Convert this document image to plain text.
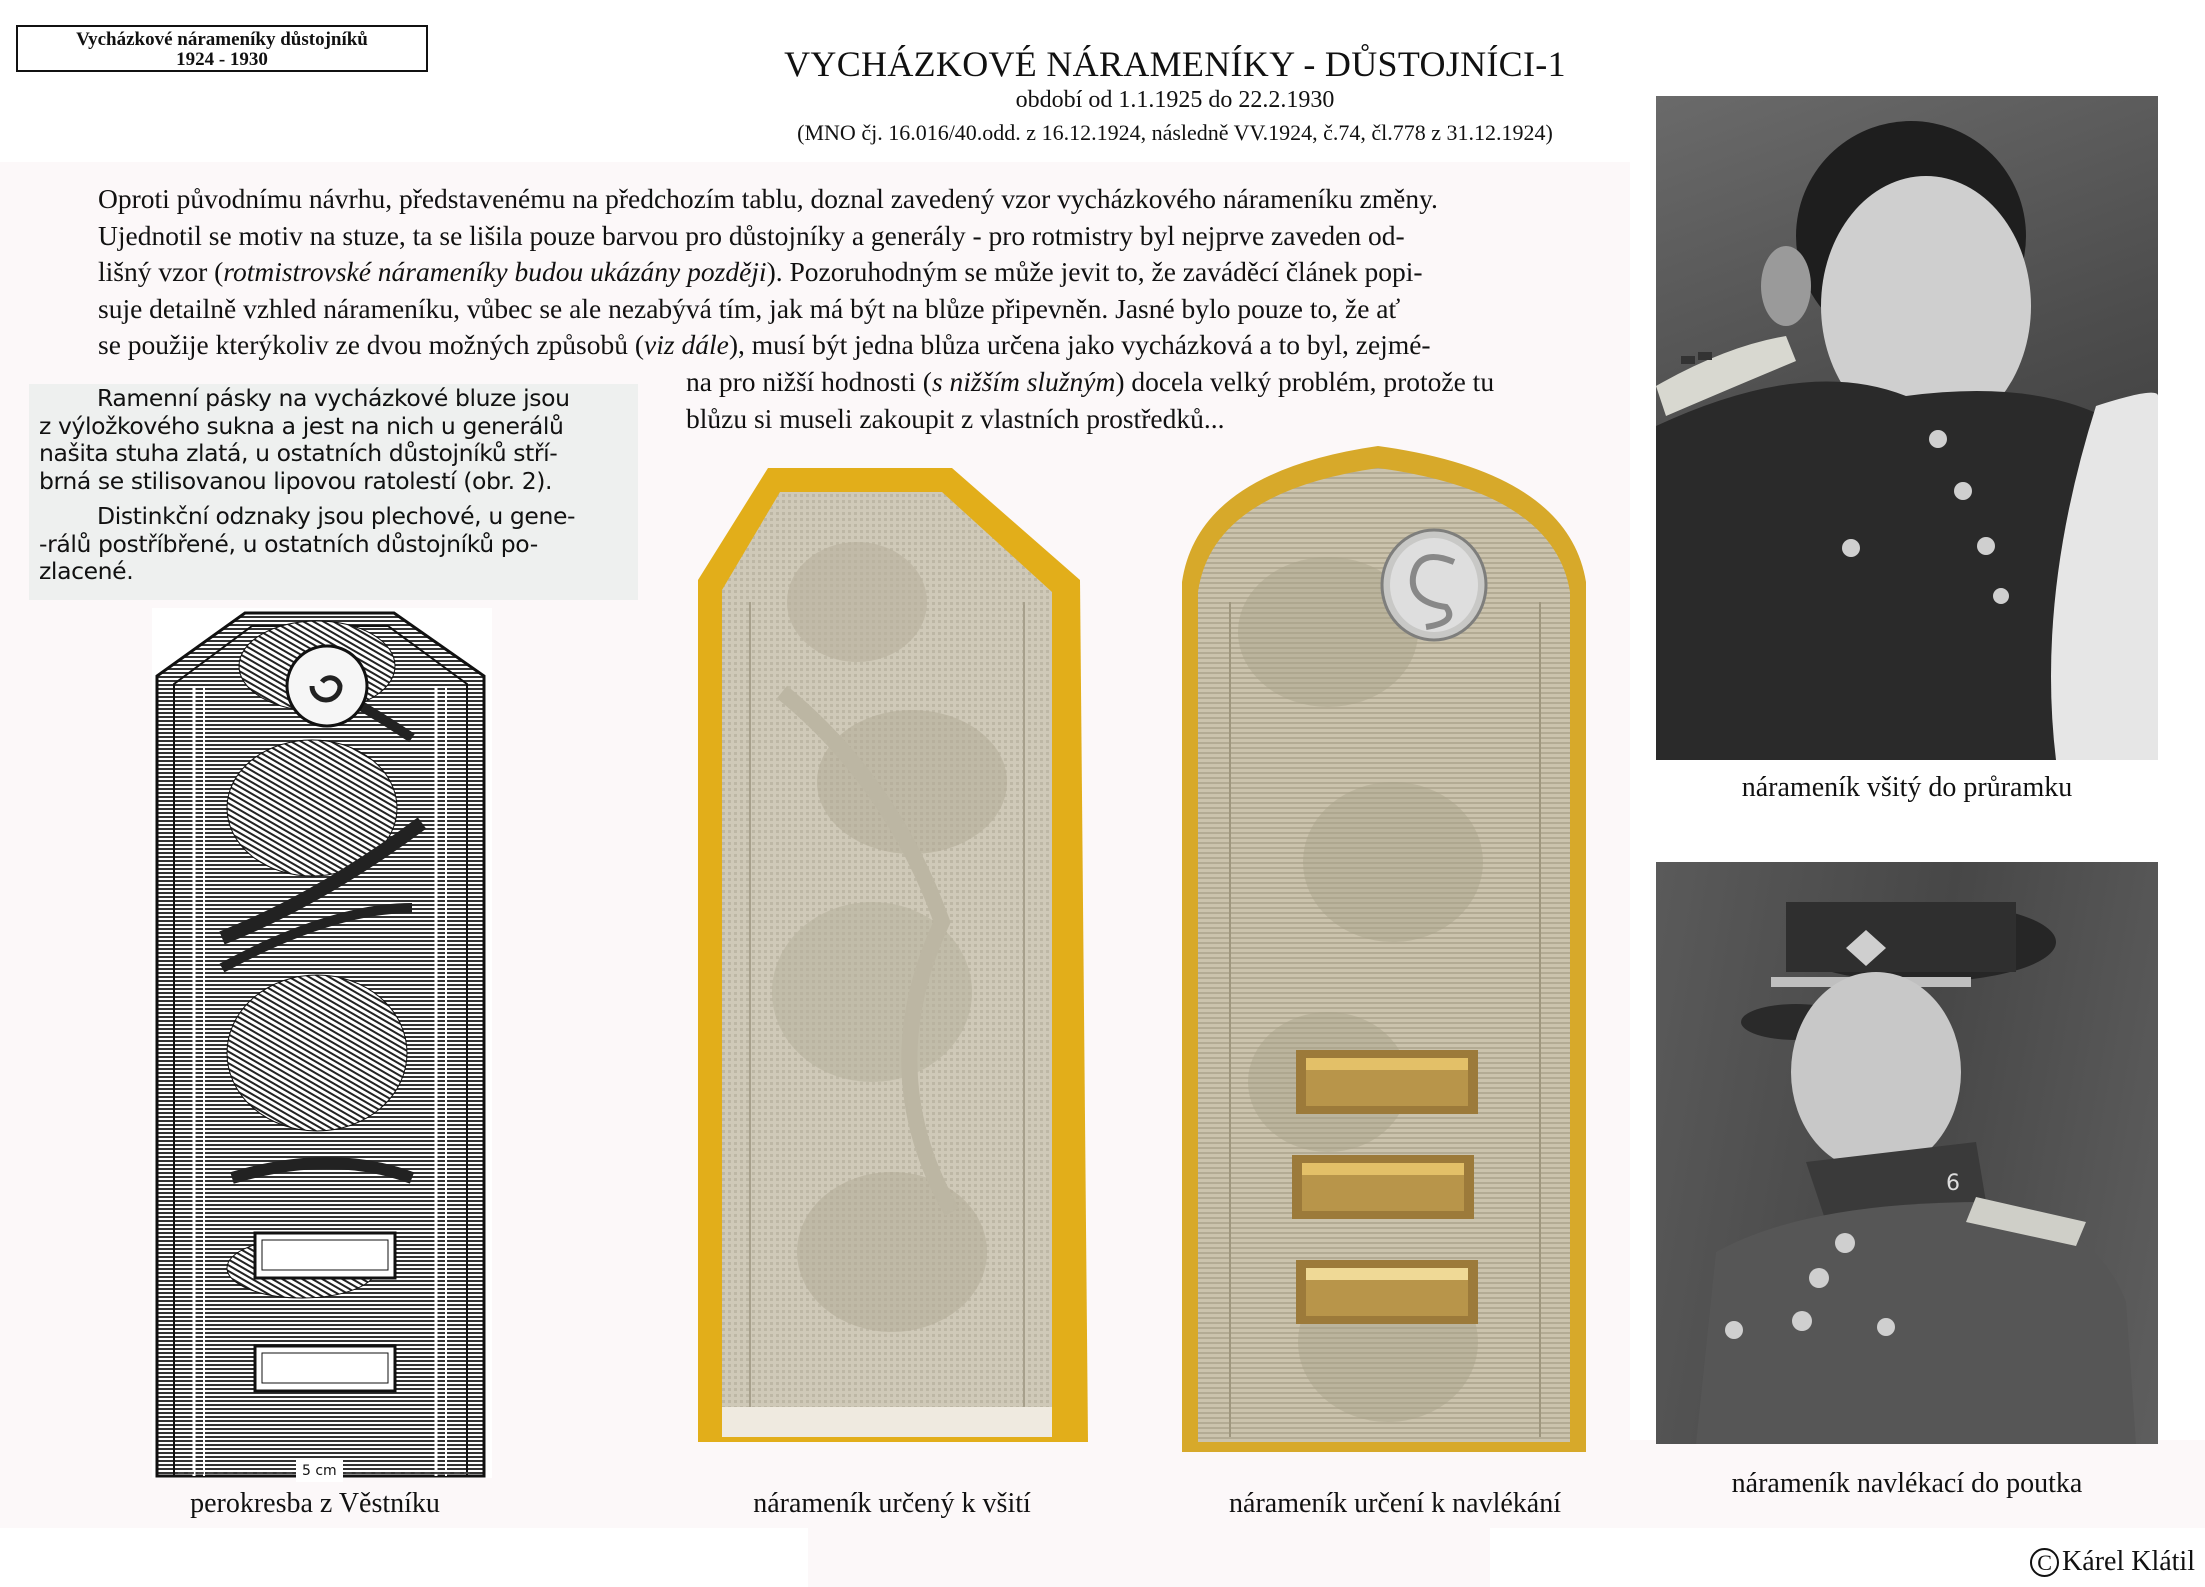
Vycházkové nárameníky důstojníků
1924 - 1930	VYCHÁZKOVÉ NÁRAMENÍKY - DŮSTOJNÍCI-1
období od 1.1.1925 do 22.2.1930
(MNO čj. 16.016/40.odd. z 16.12.1924, následně VV.1924, č.74, čl.778 z 31.12.1924)
Oproti původnímu návrhu, představenému na předchozím tablu, doznal zavedený vzor vycházkového nárameníku změny.
Ujednotil se motiv na stuze, ta se lišila pouze barvou pro důstojníky a generály - pro rotmistry byl nejprve zaveden od-
lišný vzor (rotmistrovské nárameníky budou ukázány později). Pozoruhodným se může jevit to, že zaváděcí článek popi-
suje detailně vzhled nárameníku, vůbec se ale nezabývá tím, jak má být na blůze připevněn. Jasné bylo pouze to, že ať
se použije kterýkoliv ze dvou možných způsobů (viz dále), musí být jedna blůza určena jako vycházková a to byl, zejmé-
na pro nižší hodnosti (s nižším služným) docela velký problém, protože tu
blůzu si museli zakoupit z vlastních prostředků...

Ramenní pásky na vycházkové bluze jsou

z výložkového sukna a jest na nich u generálů

našita stuha zlatá, u ostatních důstojníků stří-

brná se stilisovanou lipovou ratolestí (obr. 2).

Distinkční odznaky jsou plechové, u gene-

-rálů postříbřené, u ostatních důstojníků po-

zlacené.

5 cm
perokresba z Věstníku	nárameník určený k všití	nárameník určení k navlékání
nárameník všitý do průramku
6
nárameník navlékací do poutka
C Kárel Klátil
